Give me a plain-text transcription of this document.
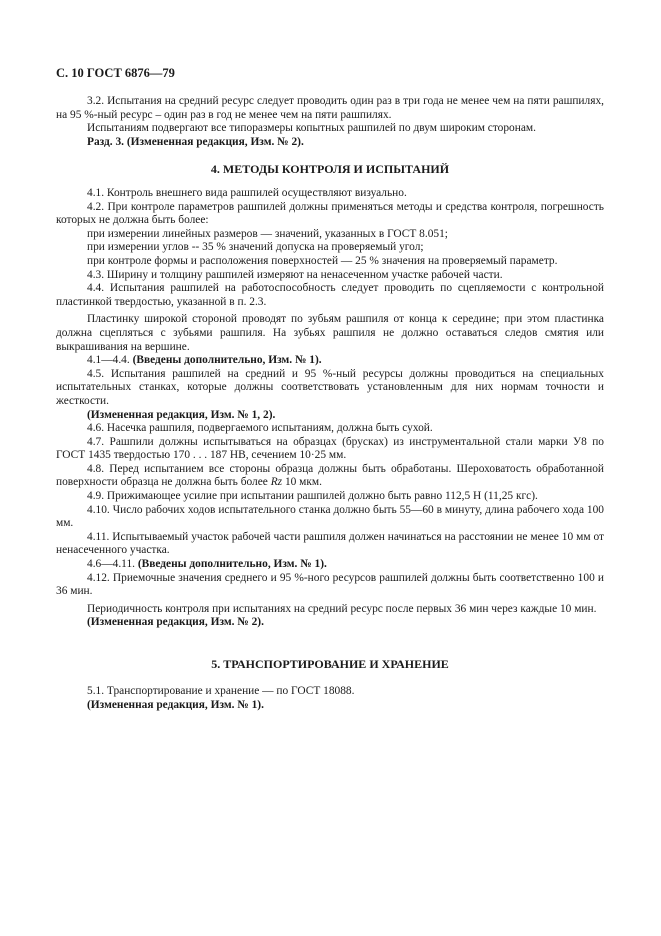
С. 10 ГОСТ 6876—79

3.2. Испытания на средний ресурс следует проводить один раз в три года не менее чем на пяти рашпилях, на 95 %-ный ресурс – один раз в год не менее чем на пяти рашпилях.

Испытаниям подвергают все типоразмеры копытных рашпилей по двум широким сторонам.

Разд. 3. (Измененная редакция, Изм. № 2).

4. МЕТОДЫ КОНТРОЛЯ И ИСПЫТАНИЙ

4.1. Контроль внешнего вида рашпилей осуществляют визуально.

4.2. При контроле параметров рашпилей должны применяться методы и средства контроля, погрешность которых не должна быть более:

при измерении линейных размеров — значений, указанных в ГОСТ 8.051;

при измерении углов -- 35 % значений допуска на проверяемый угол;

при контроле формы и расположения поверхностей — 25 % значения на проверяемый параметр.

4.3. Ширину и толщину рашпилей измеряют на ненасеченном участке рабочей части.

4.4. Испытания рашпилей на работоспособность следует проводить по сцепляемости с контрольной пластинкой твердостью, указанной в п. 2.3.

Пластинку широкой стороной проводят по зубьям рашпиля от конца к середине; при этом пластинка должна сцепляться с зубьями рашпиля. На зубьях рашпиля не должно оставаться следов смятия или выкрашивания на вершине.

4.1—4.4. (Введены дополнительно, Изм. № 1).

4.5. Испытания рашпилей на средний и 95 %-ный ресурсы должны проводиться на специальных испытательных станках, которые должны соответствовать установленным для них нормам точности и жесткости.

(Измененная редакция, Изм. № 1, 2).

4.6. Насечка рашпиля, подвергаемого испытаниям, должна быть сухой.

4.7. Рашпили должны испытываться на образцах (брусках) из инструментальной стали марки У8 по ГОСТ 1435 твердостью 170 . . . 187 НВ, сечением 10·25 мм.

4.8. Перед испытанием все стороны образца должны быть обработаны. Шероховатость обработанной поверхности образца не должна быть более Rz 10 мкм.

4.9. Прижимающее усилие при испытании рашпилей должно быть равно 112,5 Н (11,25 кгс).

4.10. Число рабочих ходов испытательного станка должно быть 55—60 в минуту, длина рабочего хода 100 мм.

4.11. Испытываемый участок рабочей части рашпиля должен начинаться на расстоянии не менее 10 мм от ненасеченного участка.

4.6—4.11. (Введены дополнительно, Изм. № 1).

4.12. Приемочные значения среднего и 95 %-ного ресурсов рашпилей должны быть соответственно 100 и 36 мин.

Периодичность контроля при испытаниях на средний ресурс после первых 36 мин через каждые 10 мин.

(Измененная редакция, Изм. № 2).

5. ТРАНСПОРТИРОВАНИЕ И ХРАНЕНИЕ

5.1. Транспортирование и хранение — по ГОСТ 18088.

(Измененная редакция, Изм. № 1).
